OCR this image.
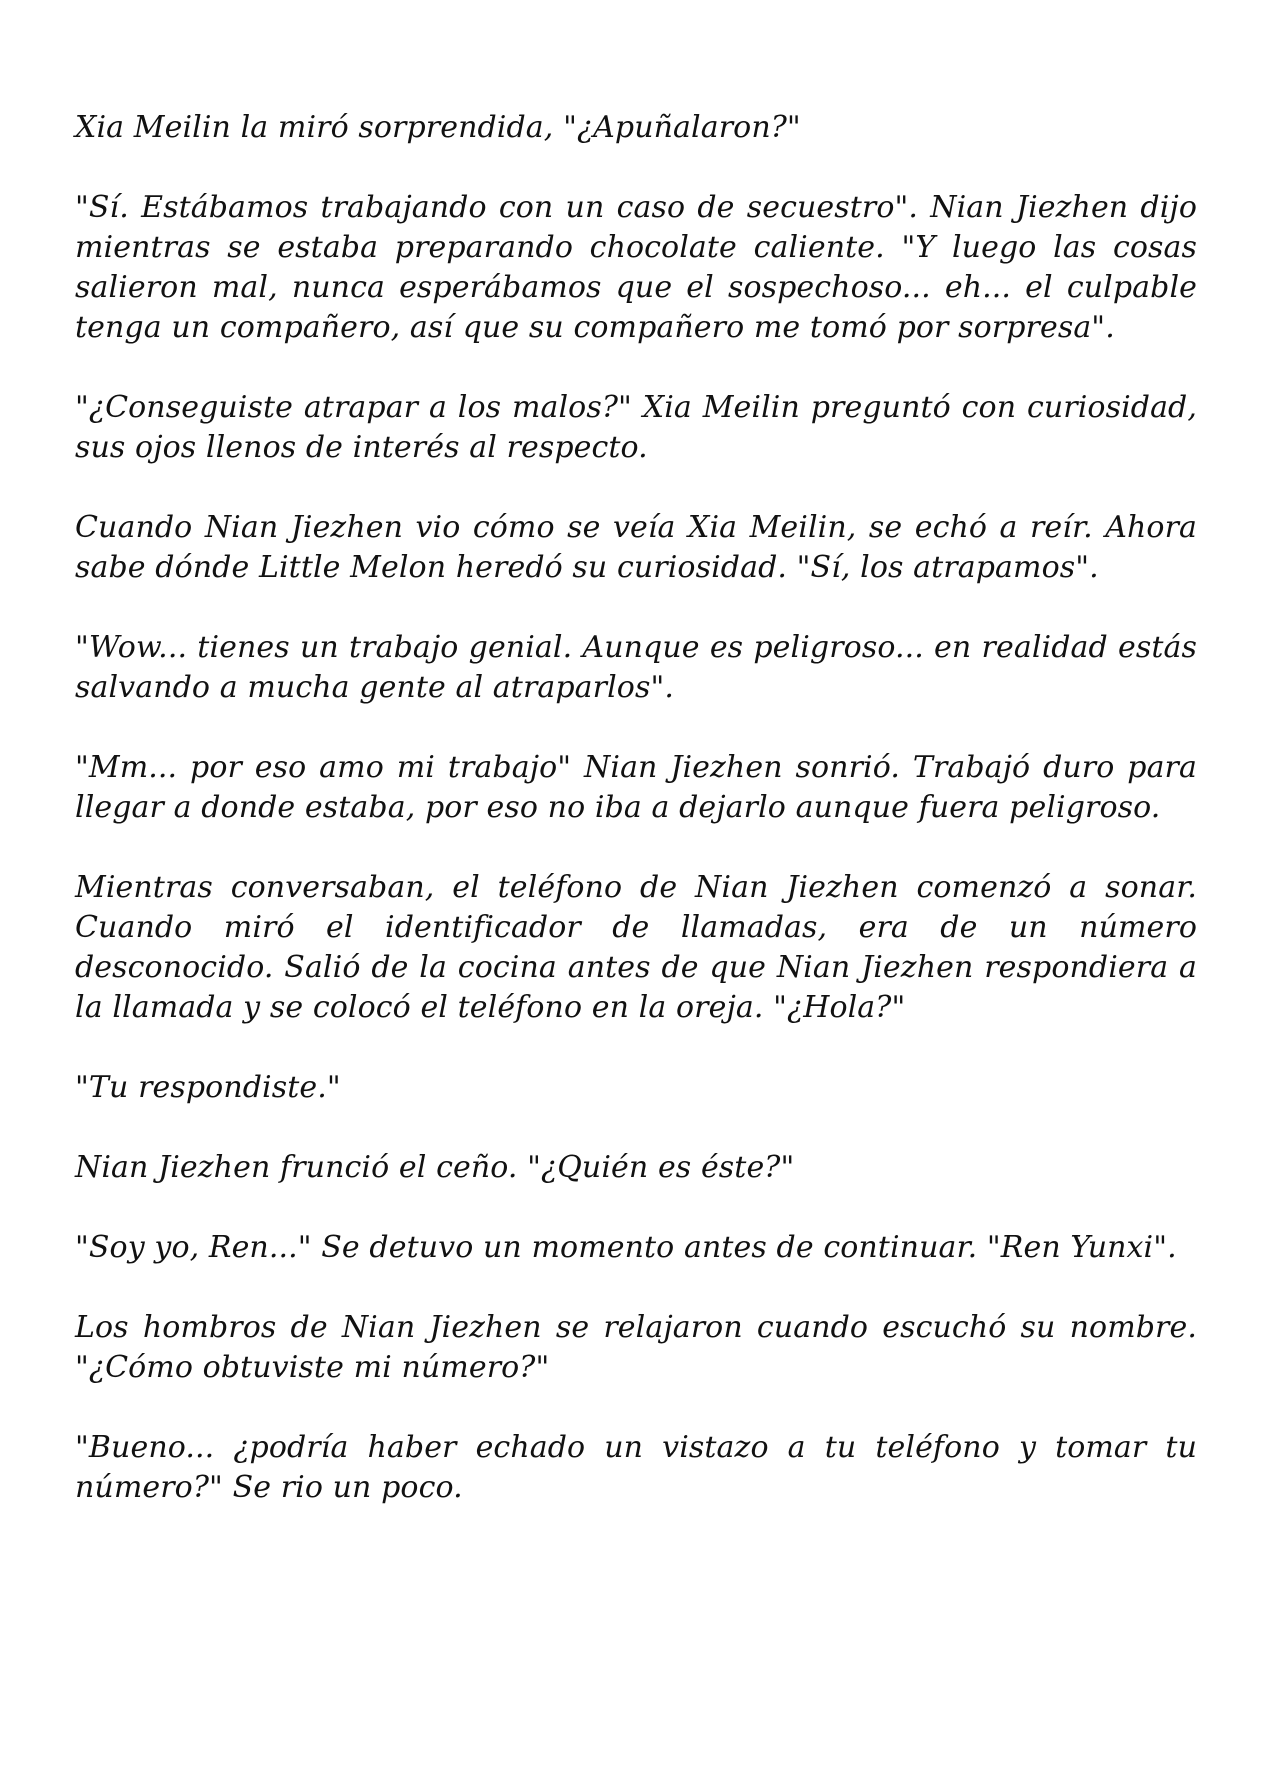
Xia Meilin la miró sorprendida, "¿Apuñalaron?"

"Sí. Estábamos trabajando con un caso de secuestro". Nian Jiezhen dijo mientras se estaba preparando chocolate caliente. "Y luego las cosas salieron mal, nunca esperábamos que el sospechoso... eh... el culpable tenga un compañero, así que su compañero me tomó por sorpresa".

"¿Conseguiste atrapar a los malos?" Xia Meilin preguntó con curiosidad, sus ojos llenos de interés al respecto.

Cuando Nian Jiezhen vio cómo se veía Xia Meilin, se echó a reír. Ahora sabe dónde Little Melon heredó su curiosidad. "Sí, los atrapamos".

"Wow... tienes un trabajo genial. Aunque es peligroso... en realidad estás salvando a mucha gente al atraparlos".

"Mm... por eso amo mi trabajo" Nian Jiezhen sonrió. Trabajó duro para llegar a donde estaba, por eso no iba a dejarlo aunque fuera peligroso.

Mientras conversaban, el teléfono de Nian Jiezhen comenzó a sonar. Cuando miró el identificador de llamadas, era de un número desconocido. Salió de la cocina antes de que Nian Jiezhen respondiera a la llamada y se colocó el teléfono en la oreja. "¿Hola?"

"Tu respondiste."

Nian Jiezhen frunció el ceño. "¿Quién es éste?"

"Soy yo, Ren..." Se detuvo un momento antes de continuar. "Ren Yunxi".

Los hombros de Nian Jiezhen se relajaron cuando escuchó su nombre. "¿Cómo obtuviste mi número?"

"Bueno... ¿podría haber echado un vistazo a tu teléfono y tomar tu número?" Se rio un poco.
